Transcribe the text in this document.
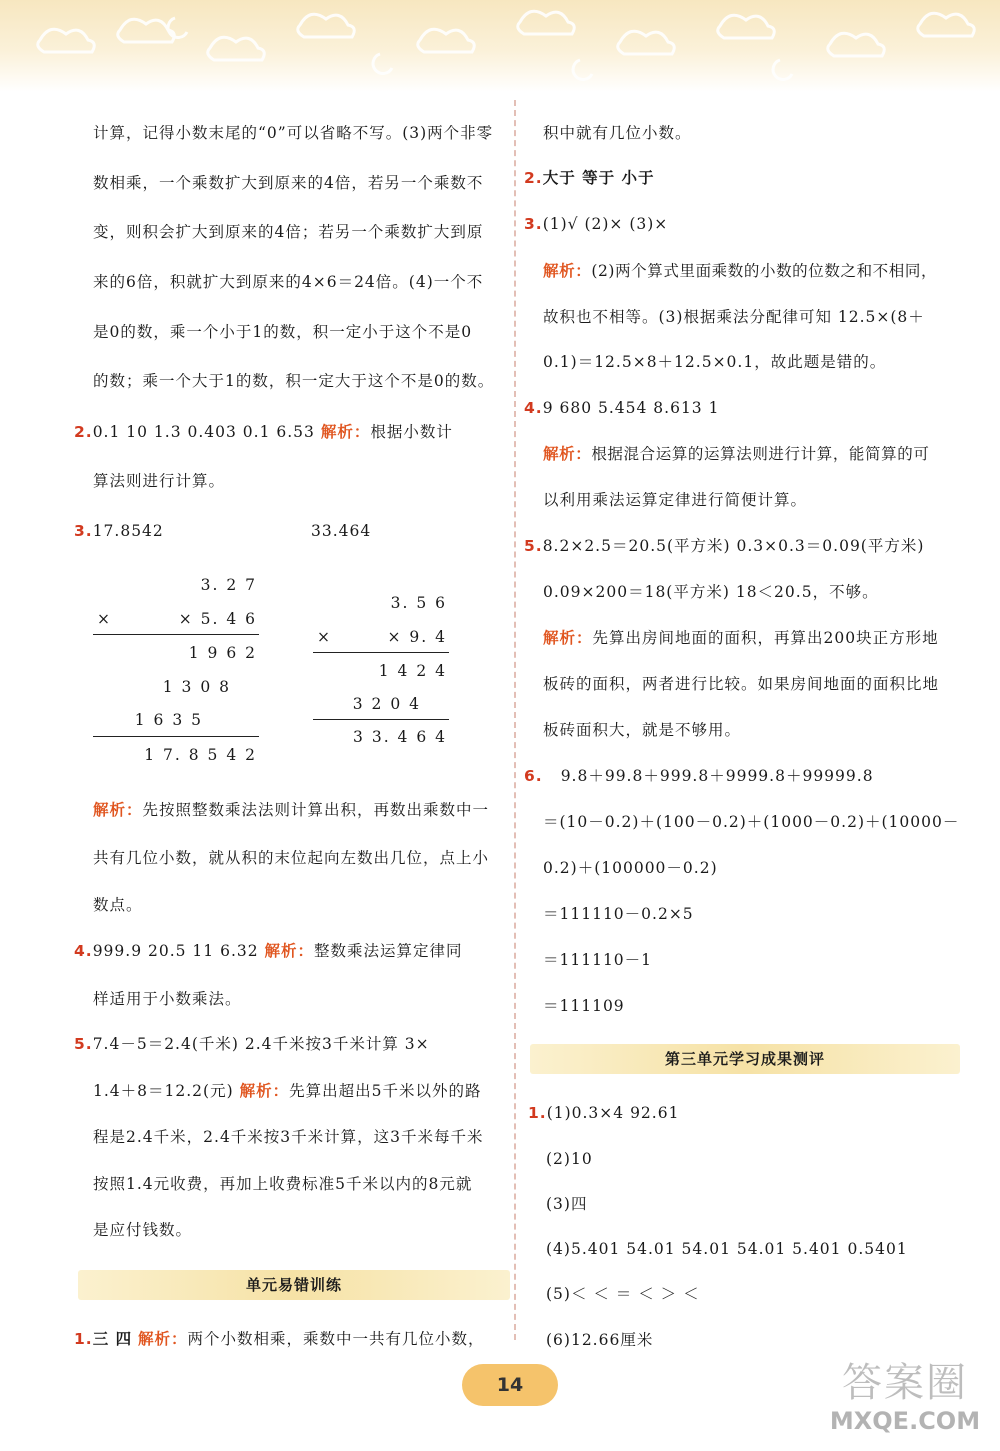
计算，记得小数末尾的“0”可以省略不写。(3)两个非零
数相乘，一个乘数扩大到原来的4倍，若另一个乘数不
变，则积会扩大到原来的4倍；若另一个乘数扩大到原
来的6倍，积就扩大到原来的4×6＝24倍。(4)一个不
是0的数，乘一个小于1的数，积一定小于这个不是0
的数；乘一个大于1的数，积一定大于这个不是0的数。
2.0.1 10 1.3 0.403 0.1 6.53 解析：根据小数计
算法则进行计算。
3.17.8542	33.464
3. 2 7
×	× 5. 4 6
1 9 6 2
1 3 0 8
1 6 3 5
1 7. 8 5 4 2
3. 5 6
×	× 9. 4
1 4 2 4
3 2 0 4
3 3. 4 6 4
解析：先按照整数乘法法则计算出积，再数出乘数中一
共有几位小数，就从积的末位起向左数出几位，点上小
数点。
4.999.9 20.5 11 6.32 解析：整数乘法运算定律同
样适用于小数乘法。
5.7.4－5＝2.4(千米) 2.4千米按3千米计算 3×
1.4＋8＝12.2(元) 解析：先算出超出5千米以外的路
程是2.4千米，2.4千米按3千米计算，这3千米每千米
按照1.4元收费，再加上收费标准5千米以内的8元就
是应付钱数。
单元易错训练
1.三 四 解析：两个小数相乘，乘数中一共有几位小数，
积中就有几位小数。
2.大于 等于 小于
3.(1)√ (2)× (3)×
解析：(2)两个算式里面乘数的小数的位数之和不相同，
故积也不相等。(3)根据乘法分配律可知 12.5×(8＋
0.1)＝12.5×8＋12.5×0.1，故此题是错的。
4.9 680 5.454 8.613 1
解析：根据混合运算的运算法则进行计算，能简算的可
以利用乘法运算定律进行简便计算。
5.8.2×2.5＝20.5(平方米) 0.3×0.3＝0.09(平方米)
0.09×200＝18(平方米) 18＜20.5，不够。
解析：先算出房间地面的面积，再算出200块正方形地
板砖的面积，两者进行比较。如果房间地面的面积比地
板砖面积大，就是不够用。
6. 9.8＋99.8＋999.8＋9999.8＋99999.8
＝(10－0.2)＋(100－0.2)＋(1000－0.2)＋(10000－
0.2)＋(100000－0.2)
＝111110－0.2×5
＝111110－1
＝111109
第三单元学习成果测评
1.(1)0.3×4 92.61
(2)10
(3)四
(4)5.401 54.01 54.01 54.01 5.401 0.5401
(5)＜ ＜ ＝ ＜ ＞ ＜
(6)12.66厘米
14	答案圈
MXQE.COM
